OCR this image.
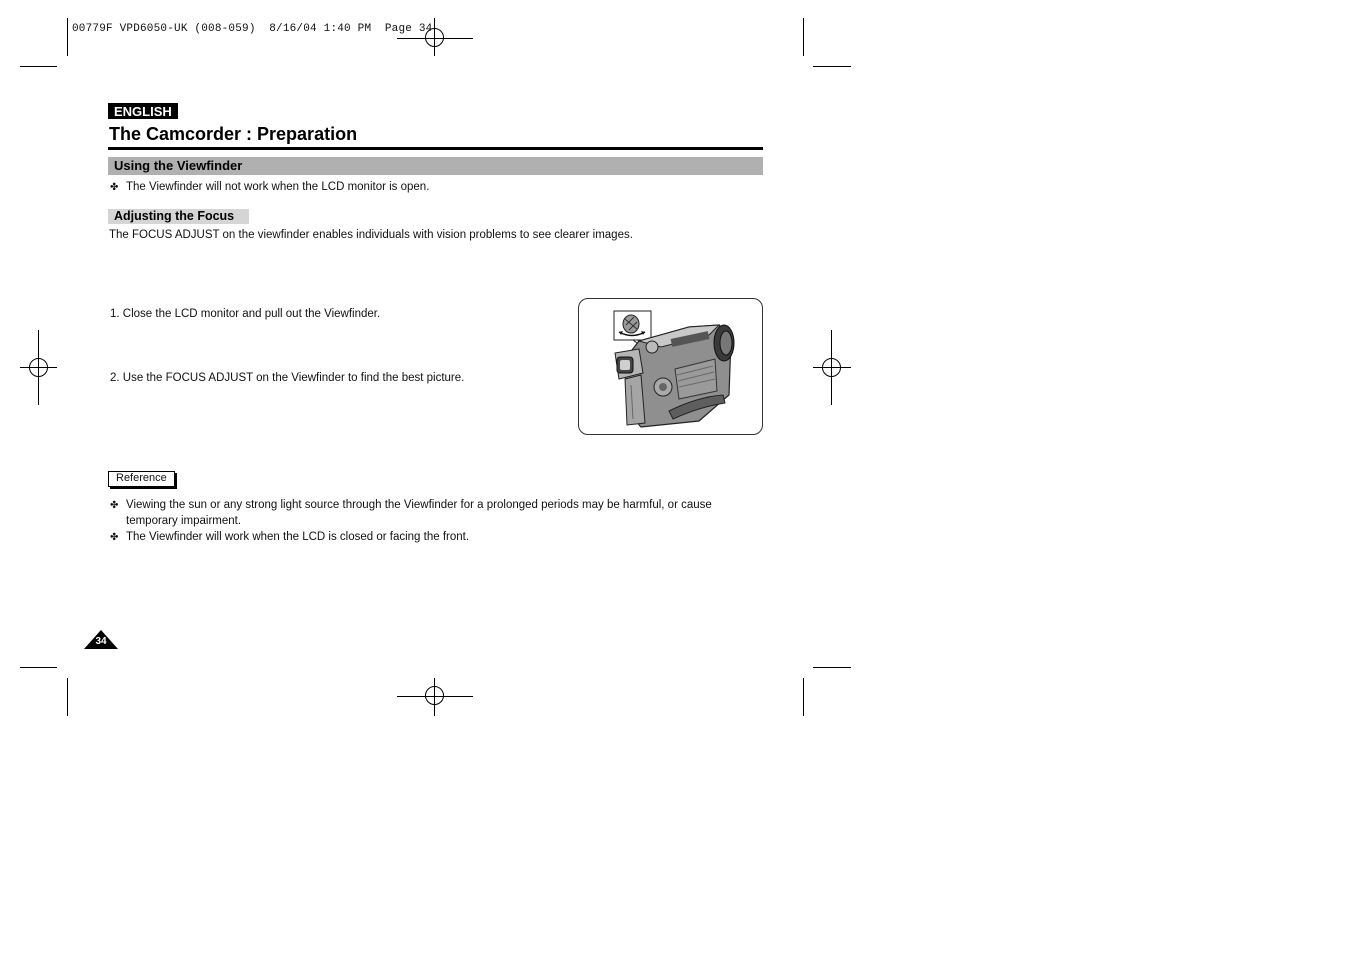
00779F VPD6050-UK (008-059)  8/16/04 1:40 PM  Page 34
ENGLISH
The Camcorder : Preparation
Using the Viewfinder
✤ The Viewfinder will not work when the LCD monitor is open.
Adjusting the Focus
The FOCUS ADJUST on the viewfinder enables individuals with vision problems to see clearer images.
1. Close the LCD monitor and pull out the Viewfinder.
2. Use the FOCUS ADJUST on the Viewfinder to find the best picture.
Reference
✤ Viewing the sun or any strong light source through the Viewfinder for a prolonged periods may be harmful, or cause temporary impairment.
✤ The Viewfinder will work when the LCD is closed or facing the front.
34
